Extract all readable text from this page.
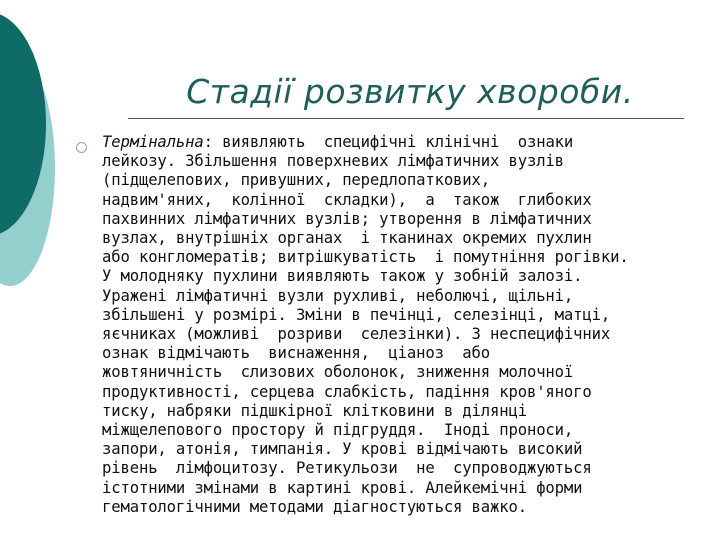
Стадії розвитку хвороби.
Термінальна: виявляють  специфічні клінічні  ознаки
лейкозу. Збільшення поверхневих лімфатичних вузлів
(підщелепових, привушних, передлопаткових,
надвим'яних,  колінної  складки),  а  також  глибоких
пахвинних лімфатичних вузлів; утворення в лімфатичних
вузлах, внутрішніх органах  і тканинах окремих пухлин
або конгломератів; витрішкуватість  і помутніння рогівки.
У молодняку пухлини виявляють також у зобній залозі.
Уражені лімфатичні вузли рухливі, неболючі, щільні,
збільшені у розмірі. Зміни в печінці, селезінці, матці,
яєчниках (можливі  розриви  селезінки). З неспецифічних
ознак відмічають  виснаження,  ціаноз  або
жовтяничність  слизових оболонок, зниження молочної
продуктивності, серцева слабкість, падіння кров'яного
тиску, набряки підшкірної клітковини в ділянці
міжщелепового простору й підгруддя.  Іноді проноси,
запори, атонія, тимпанія. У крові відмічають високий
рівень  лімфоцитозу. Ретикульози  не  супроводжуються
істотними змінами в картині крові. Алейкемічні форми
гематологічними методами діагностуються важко.
